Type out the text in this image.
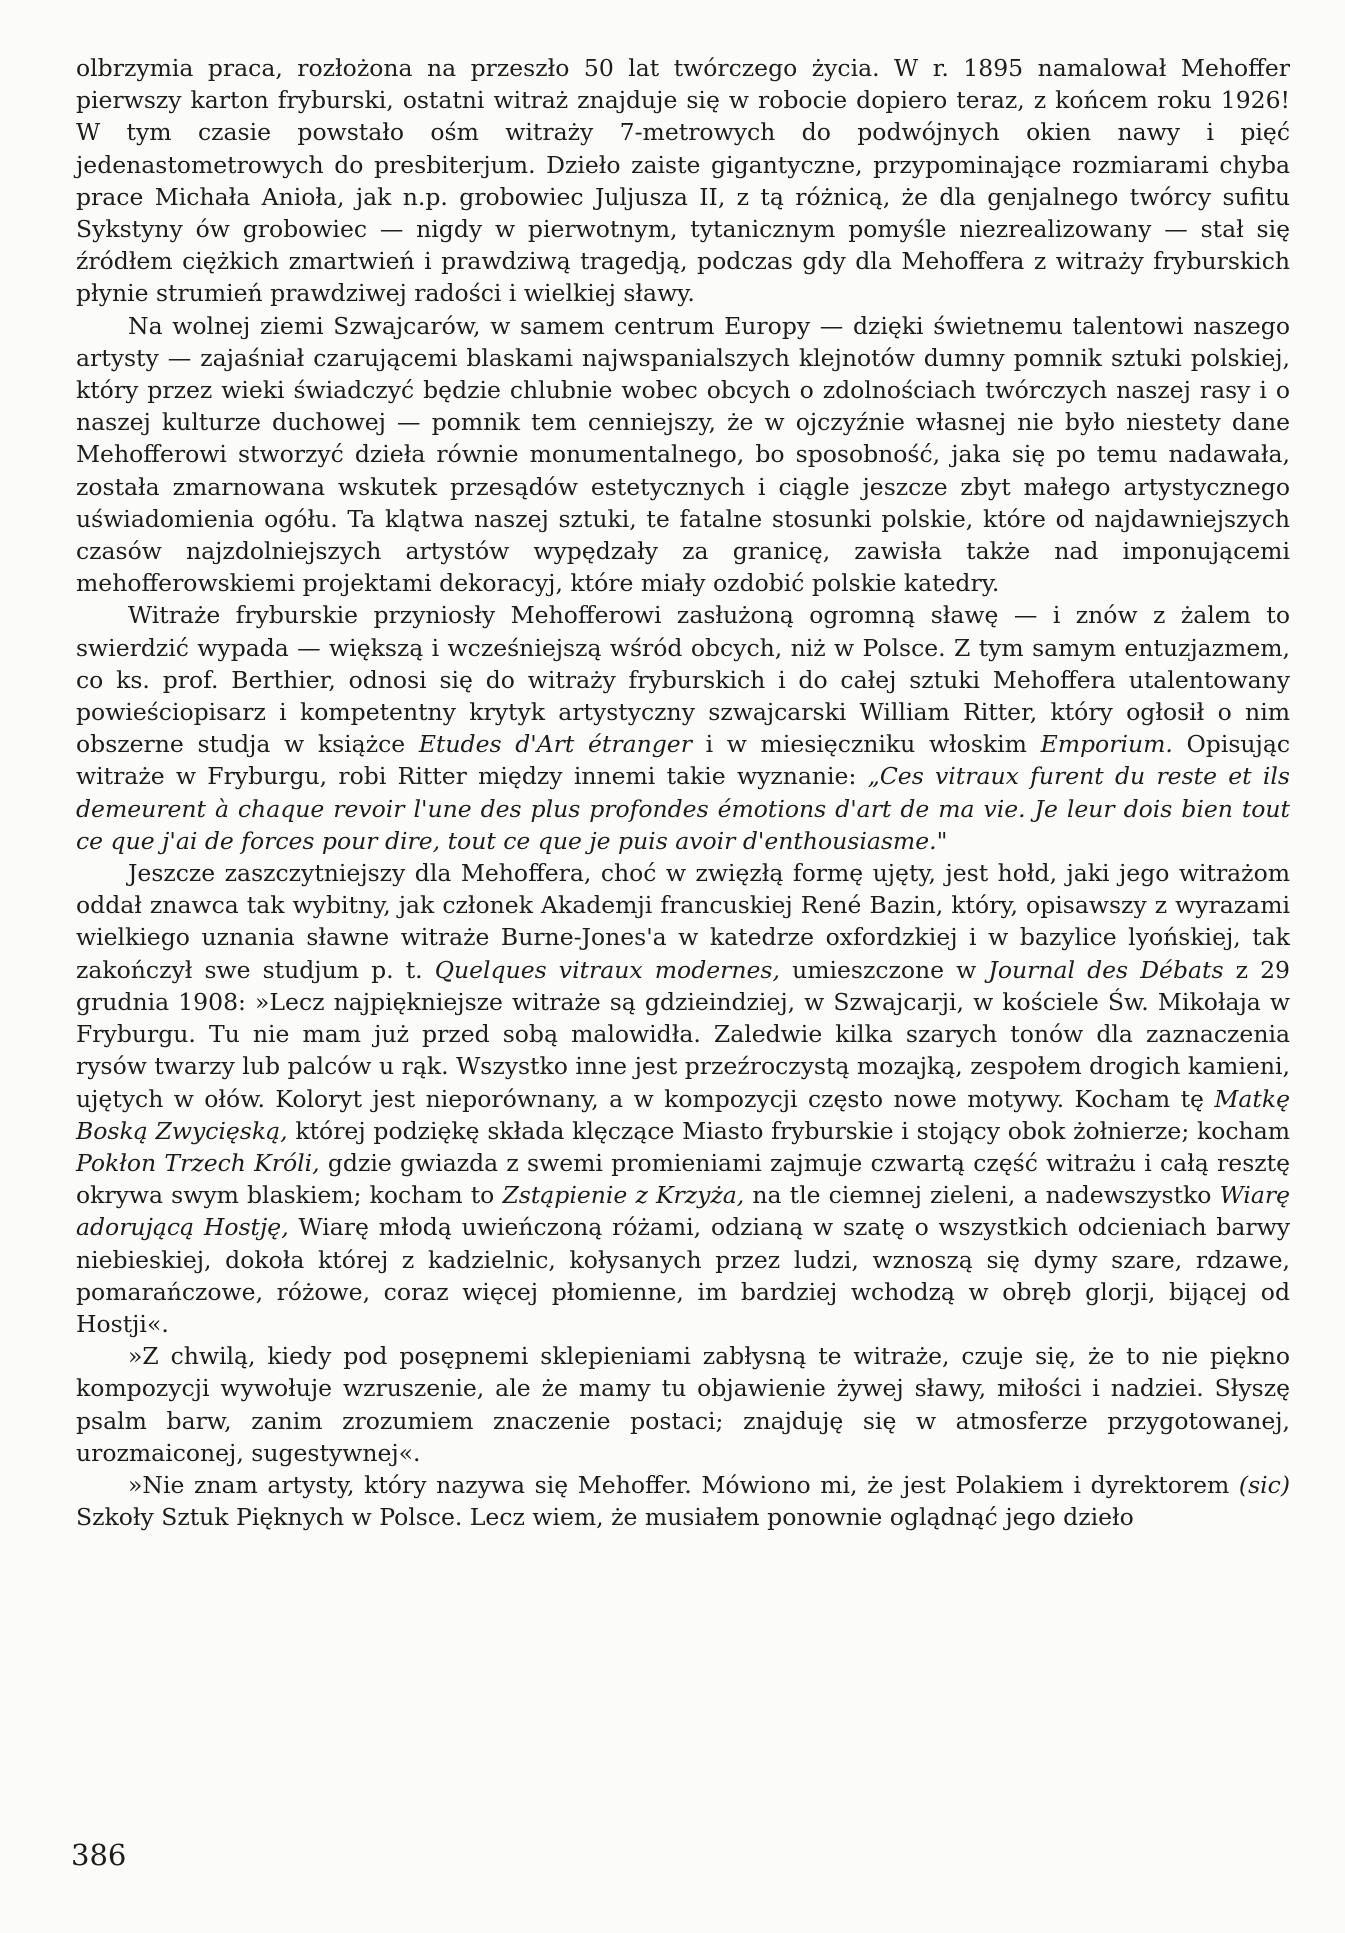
olbrzymia praca, rozłożona na przeszło 50 lat twórczego życia. W r. 1895 namalował Mehoffer pierwszy karton fryburski, ostatni witraż znajduje się w robocie dopiero teraz, z końcem roku 1926! W tym czasie powstało ośm witraży 7-metrowych do podwójnych okien nawy i pięć jedenastometrowych do presbiterjum. Dzieło zaiste gigantyczne, przypominające rozmiarami chyba prace Michała Anioła, jak n.p. grobowiec Juljusza II, z tą różnicą, że dla genjalnego twórcy sufitu Sykstyny ów grobowiec — nigdy w pierwotnym, tytanicznym pomyśle niezrealizowany — stał się źródłem ciężkich zmartwień i prawdziwą tragedją, podczas gdy dla Mehoffera z witraży fryburskich płynie strumień prawdziwej radości i wielkiej sławy.

Na wolnej ziemi Szwajcarów, w samem centrum Europy — dzięki świetnemu talentowi naszego artysty — zajaśniał czarującemi blaskami najwspanialszych klejnotów dumny pomnik sztuki polskiej, który przez wieki świadczyć będzie chlubnie wobec obcych o zdolnościach twórczych naszej rasy i o naszej kulturze duchowej — pomnik tem cenniejszy, że w ojczyźnie własnej nie było niestety dane Mehofferowi stworzyć dzieła równie monumentalnego, bo sposobność, jaka się po temu nadawała, została zmarnowana wskutek przesądów estetycznych i ciągle jeszcze zbyt małego artystycznego uświadomienia ogółu. Ta klątwa naszej sztuki, te fatalne stosunki polskie, które od najdawniejszych czasów najzdolniejszych artystów wypędzały za granicę, zawisła także nad imponującemi mehofferowskiemi projektami dekoracyj, które miały ozdobić polskie katedry.

Witraże fryburskie przyniosły Mehofferowi zasłużoną ogromną sławę — i znów z żalem to swierdzić wypada — większą i wcześniejszą wśród obcych, niż w Polsce. Z tym samym entuzjazmem, co ks. prof. Berthier, odnosi się do witraży fryburskich i do całej sztuki Mehoffera utalentowany powieściopisarz i kompetentny krytyk artystyczny szwajcarski William Ritter, który ogłosił o nim obszerne studja w książce Etudes d'Art étranger i w miesięczniku włoskim Emporium. Opisując witraże w Fryburgu, robi Ritter między innemi takie wyznanie: „Ces vitraux furent du reste et ils demeurent à chaque revoir l'une des plus profondes émotions d'art de ma vie. Je leur dois bien tout ce que j'ai de forces pour dire, tout ce que je puis avoir d'enthousiasme."

Jeszcze zaszczytniejszy dla Mehoffera, choć w zwięzłą formę ujęty, jest hołd, jaki jego witrażom oddał znawca tak wybitny, jak członek Akademji francuskiej René Bazin, który, opisawszy z wyrazami wielkiego uznania sławne witraże Burne-Jones'a w katedrze oxfordzkiej i w bazylice lyońskiej, tak zakończył swe studjum p. t. Quelques vitraux modernes, umieszczone w Journal des Débats z 29 grudnia 1908: »Lecz najpiękniejsze witraże są gdzieindziej, w Szwajcarji, w kościele Św. Mikołaja w Fryburgu. Tu nie mam już przed sobą malowidła. Zaledwie kilka szarych tonów dla zaznaczenia rysów twarzy lub palców u rąk. Wszystko inne jest przeźroczystą mozajką, zespołem drogich kamieni, ujętych w ołów. Koloryt jest nieporównany, a w kompozycji często nowe motywy. Kocham tę Matkę Boską Zwycięską, której podziękę składa klęczące Miasto fryburskie i stojący obok żołnierze; kocham Pokłon Trzech Króli, gdzie gwiazda z swemi promieniami zajmuje czwartą część witrażu i całą resztę okrywa swym blaskiem; kocham to Zstąpienie z Krzyża, na tle ciemnej zieleni, a nadewszystko Wiarę adorującą Hostję, Wiarę młodą uwieńczoną różami, odzianą w szatę o wszystkich odcieniach barwy niebieskiej, dokoła której z kadzielnic, kołysanych przez ludzi, wznoszą się dymy szare, rdzawe, pomarańczowe, różowe, coraz więcej płomienne, im bardziej wchodzą w obręb glorji, bijącej od Hostji«.

»Z chwilą, kiedy pod posępnemi sklepieniami zabłysną te witraże, czuje się, że to nie piękno kompozycji wywołuje wzruszenie, ale że mamy tu objawienie żywej sławy, miłości i nadziei. Słyszę psalm barw, zanim zrozumiem znaczenie postaci; znajduję się w atmosferze przygotowanej, urozmaiconej, sugestywnej«.

»Nie znam artysty, który nazywa się Mehoffer. Mówiono mi, że jest Polakiem i dyrektorem (sic) Szkoły Sztuk Pięknych w Polsce. Lecz wiem, że musiałem ponownie oglądnąć jego dzieło

386
